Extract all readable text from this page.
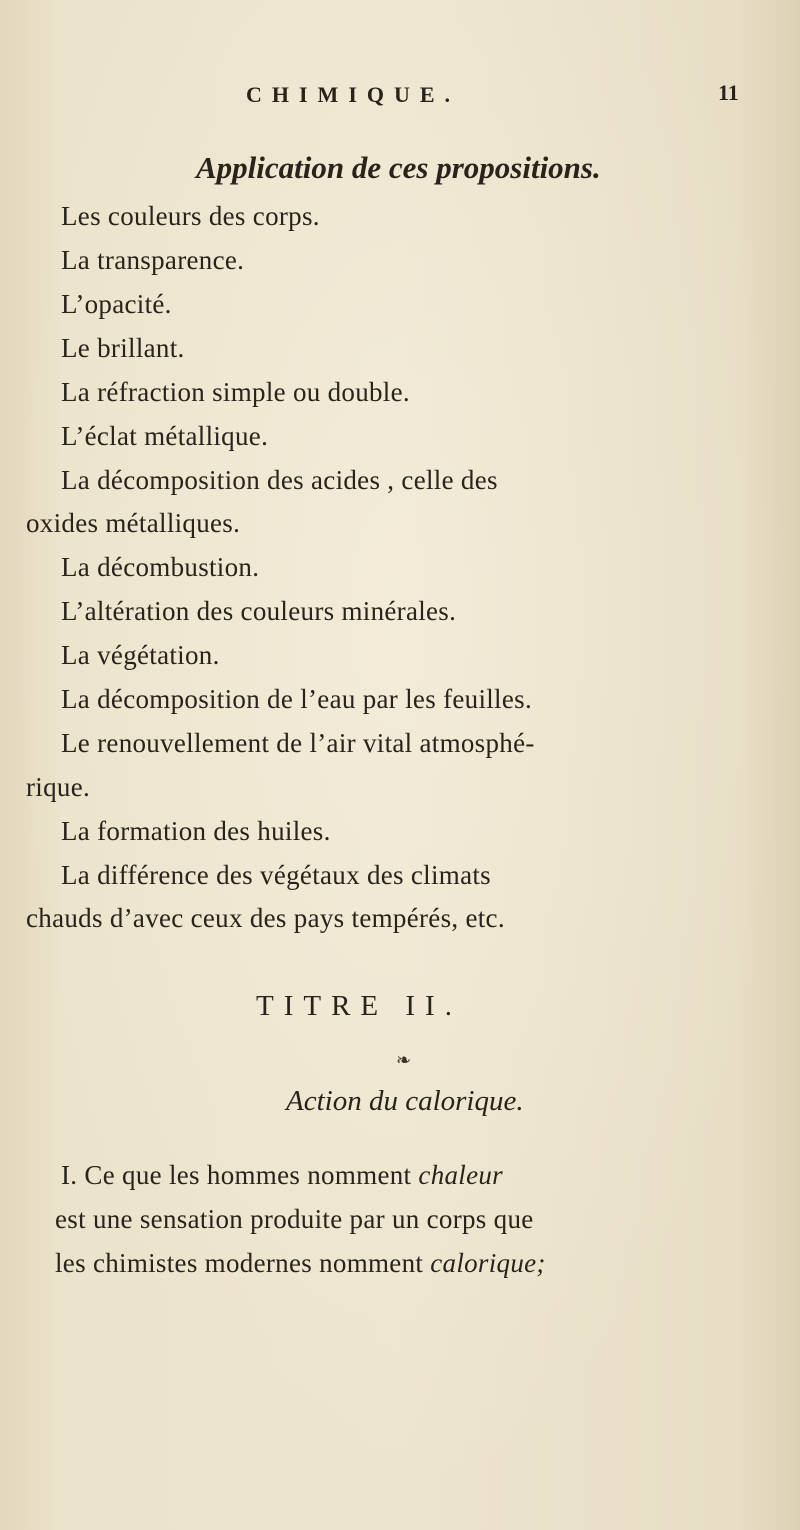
CHIMIQUE.	11
Application de ces propositions.
Les couleurs des corps.
La transparence.
L’opacité.
Le brillant.
La réfraction simple ou double.
L’éclat métallique.
La décomposition des acides , celle des
oxides métalliques.
La décombustion.
L’altération des couleurs minérales.
La végétation.
La décomposition de l’eau par les feuilles.
Le renouvellement de l’air vital atmosphé-
rique.
La formation des huiles.
La différence des végétaux des climats
chauds d’avec ceux des pays tempérés, etc.
TITRE II.
❧
Action du calorique.
I. Ce que les hommes nomment chaleur
est une sensation produite par un corps que
les chimistes modernes nomment calorique;
